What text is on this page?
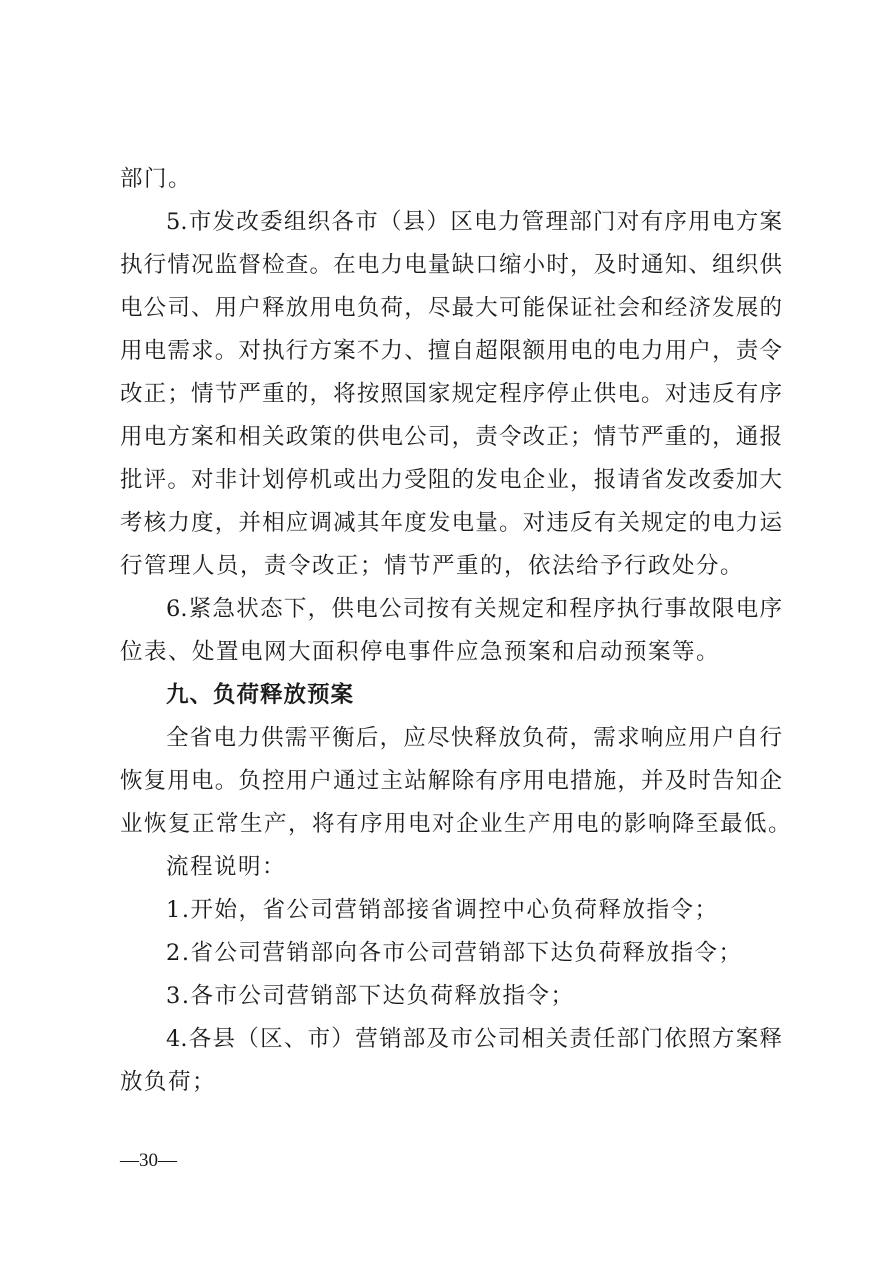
部门。
5.市发改委组织各市（县）区电力管理部门对有序用电方案
执行情况监督检查。在电力电量缺口缩小时，及时通知、组织供
电公司、用户释放用电负荷，尽最大可能保证社会和经济发展的
用电需求。对执行方案不力、擅自超限额用电的电力用户，责令
改正；情节严重的，将按照国家规定程序停止供电。对违反有序
用电方案和相关政策的供电公司，责令改正；情节严重的，通报
批评。对非计划停机或出力受阻的发电企业，报请省发改委加大
考核力度，并相应调减其年度发电量。对违反有关规定的电力运
行管理人员，责令改正；情节严重的，依法给予行政处分。
6.紧急状态下，供电公司按有关规定和程序执行事故限电序
位表、处置电网大面积停电事件应急预案和启动预案等。
九、负荷释放预案
全省电力供需平衡后，应尽快释放负荷，需求响应用户自行
恢复用电。负控用户通过主站解除有序用电措施，并及时告知企
业恢复正常生产，将有序用电对企业生产用电的影响降至最低。
流程说明：
1.开始，省公司营销部接省调控中心负荷释放指令；
2.省公司营销部向各市公司营销部下达负荷释放指令；
3.各市公司营销部下达负荷释放指令；
4.各县（区、市）营销部及市公司相关责任部门依照方案释
放负荷；
—30—
